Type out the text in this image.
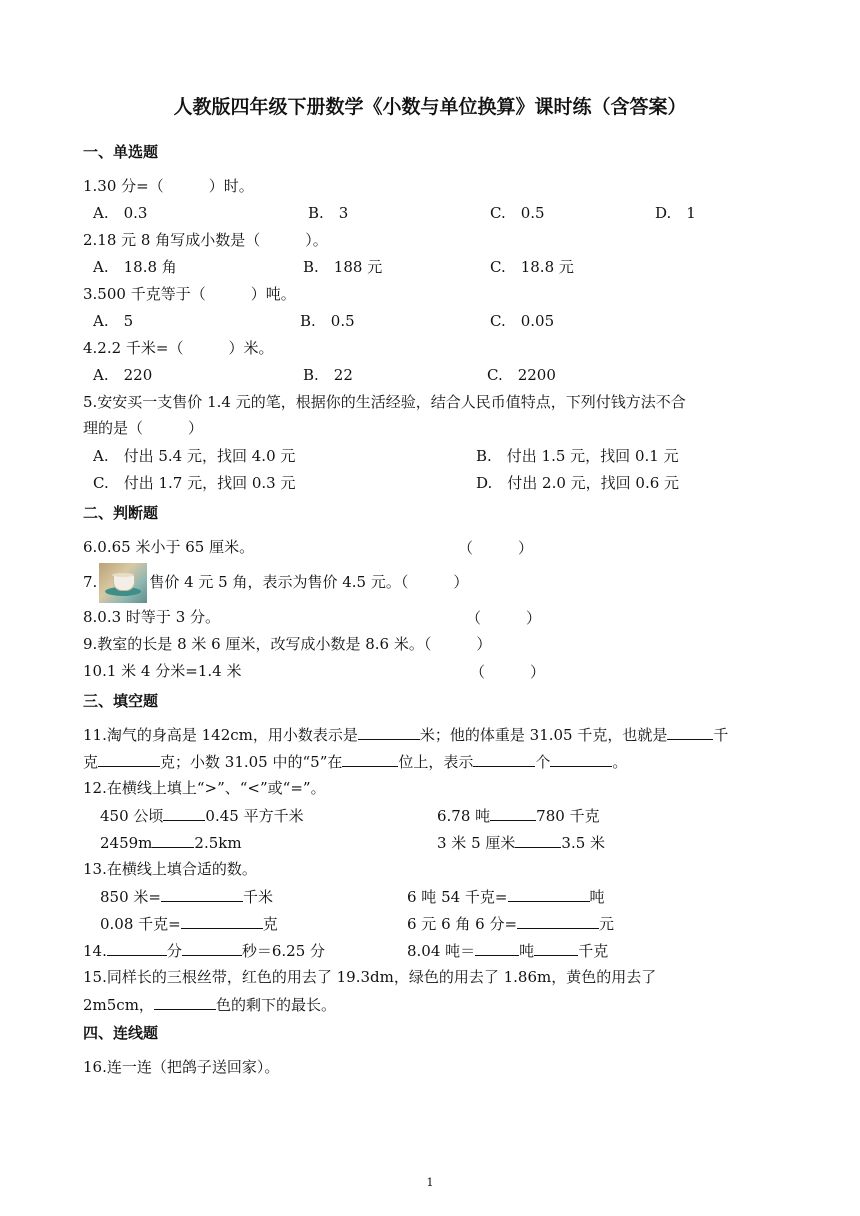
人教版四年级下册数学《小数与单位换算》课时练（含答案）
一、单选题
1.30 分=（　　　）时。
A.　0.3	B.　3	C.　0.5	D.　1
2.18 元 8 角写成小数是（　　　）。
A.　18.8 角	B.　188 元	C.　18.8 元
3.500 千克等于（　　　）吨。
A.　5	B.　0.5	C.　0.05
4.2.2 千米=（　　　）米。
A.　220	B.　22	C.　2200
5.安安买一支售价 1.4 元的笔，根据你的生活经验，结合人民币值特点，下列付钱方法不合
理的是（　　　）
A.　付出 5.4 元，找回 4.0 元	B.　付出 1.5 元，找回 0.1 元
C.　付出 1.7 元，找回 0.3 元	D.　付出 2.0 元，找回 0.6 元
二、判断题
6.0.65 米小于 65 厘米。	（　　　）
7.	售价 4 元 5 角，表示为售价 4.5 元。（　　　）
8.0.3 时等于 3 分。	（　　　）
9.教室的长是 8 米 6 厘米，改写成小数是 8.6 米。（　　　）
10.1 米 4 分米=1.4 米	（　　　）
三、填空题
11.淘气的身高是 142cm，用小数表示是	米；他的体重是 31.05 千克，也就是	千
克	克；小数 31.05 中的“5”在	位上，表示	个	。
12.在横线上填上“>”、“<”或“=”。
450 公顷	0.45 平方千米	6.78 吨	780 千克
2459m	2.5km	3 米 5 厘米	3.5 米
13.在横线上填合适的数。
850 米=	千米	6 吨 54 千克=	吨
0.08 千克=	克	6 元 6 角 6 分=	元
14.	分	秒＝6.25 分	8.04 吨＝	吨	千克
15.同样长的三根丝带，红色的用去了 19.3dm，绿色的用去了 1.86m，黄色的用去了
2m5cm，	色的剩下的最长。
四、连线题
16.连一连（把鸽子送回家）。
1
